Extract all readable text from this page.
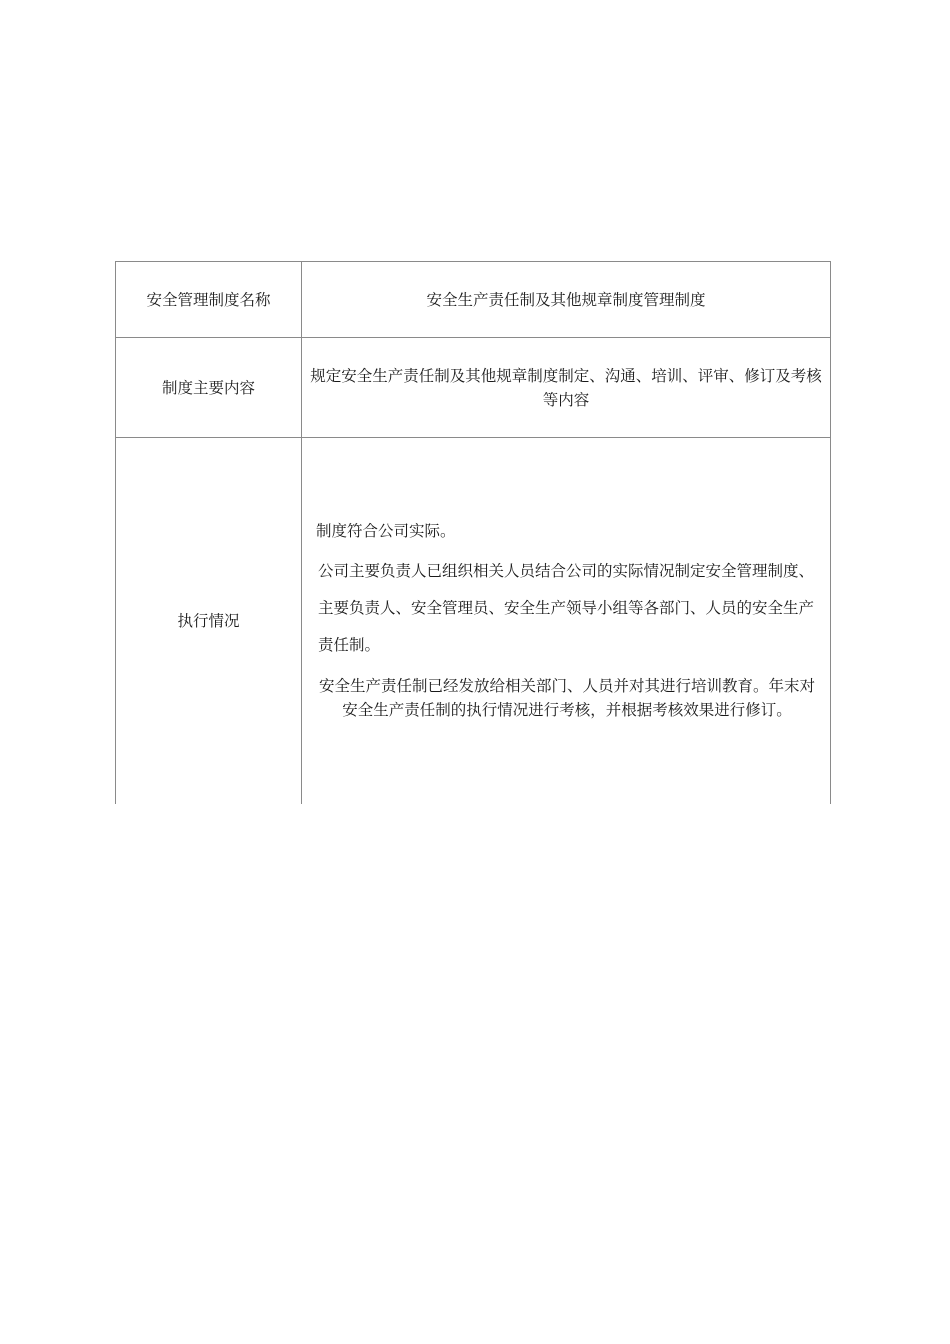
安全管理制度名称	安全生产责任制及其他规章制度管理制度
制度主要内容	规定安全生产责任制及其他规章制度制定、沟通、培训、评审、修订及考核等内容
执行情况	制度符合公司实际。

公司主要负责人已组织相关人员结合公司的实际情况制定安全管理制度、主要负责人、安全管理员、安全生产领导小组等各部门、人员的安全生产责任制。

安全生产责任制已经发放给相关部门、人员并对其进行培训教育。年末对安全生产责任制的执行情况进行考核，并根据考核效果进行修订。
